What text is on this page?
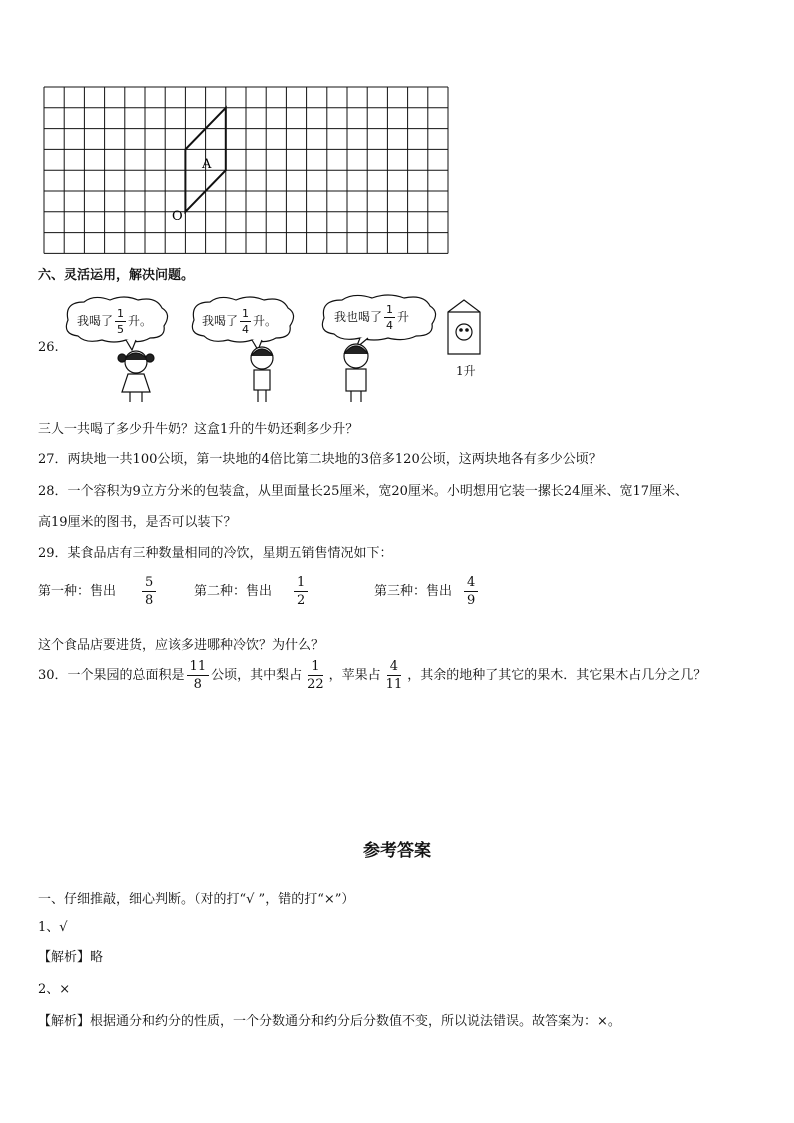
A
O
六、灵活运用，解决问题。
26.
我喝了 $\frac{1}{5}$ 升。	我喝了 $\frac{1}{4}$ 升。	我也喝了 $\frac{1}{4}$ 升
1升
三人一共喝了多少升牛奶？这盒1升的牛奶还剩多少升？
27．两块地一共100公顷，第一块地的4倍比第二块地的3倍多120公顷，这两块地各有多少公顷？
28．一个容积为9立方分米的包装盒，从里面量长25厘米，宽20厘米。小明想用它装一摞长24厘米、宽17厘米、
高19厘米的图书，是否可以装下？
29．某食品店有三种数量相同的冷饮，星期五销售情况如下：
第一种：售出 $\frac{5}{8}$	第二种：售出 $\frac{1}{2}$	第三种：售出 $\frac{4}{9}$
这个食品店要进货，应该多进哪种冷饮？为什么？
30．一个果园的总面积是 $\frac{11}{8}$ 公顷，其中梨占 $\frac{1}{22}$ ，苹果占 $\frac{4}{11}$ ，其余的地种了其它的果木．其它果木占几分之几？
参考答案
一、仔细推敲，细心判断。（对的打“√ ”，错的打“×”）
1、√
【解析】略
2、×
【解析】根据通分和约分的性质，一个分数通分和约分后分数值不变，所以说法错误。故答案为：×。
